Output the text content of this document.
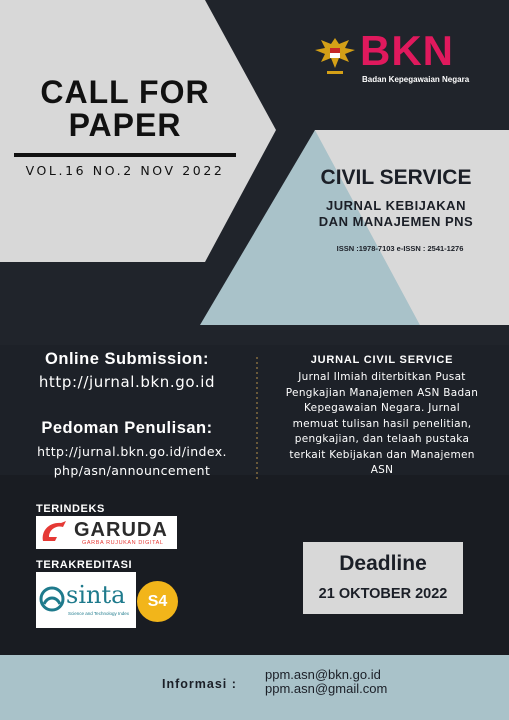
CALL FOR
PAPER
VOL.16 NO.2 NOV 2022
BKN
Badan Kepegawaian Negara
CIVIL SERVICE
JURNAL KEBIJAKAN
DAN MANAJEMEN PNS
ISSN :1978-7103 e-ISSN : 2541-1276
Online Submission:
http://jurnal.bkn.go.id
Pedoman Penulisan:
http://jurnal.bkn.go.id/index.
php/asn/announcement
JURNAL CIVIL SERVICE
Jurnal Ilmiah diterbitkan Pusat
Pengkajian Manajemen ASN Badan
Kepegawaian Negara. Jurnal
memuat tulisan hasil penelitian,
pengkajian, dan telaah pustaka
terkait Kebijakan dan Manajemen
ASN
TERINDEKS
GARUDA
GARBA RUJUKAN DIGITAL
TERAKREDITASI
sinta
Science and Technology Index
S4
Deadline
21 OKTOBER 2022
Informasi :
ppm.asn@bkn.go.id
ppm.asn@gmail.com
